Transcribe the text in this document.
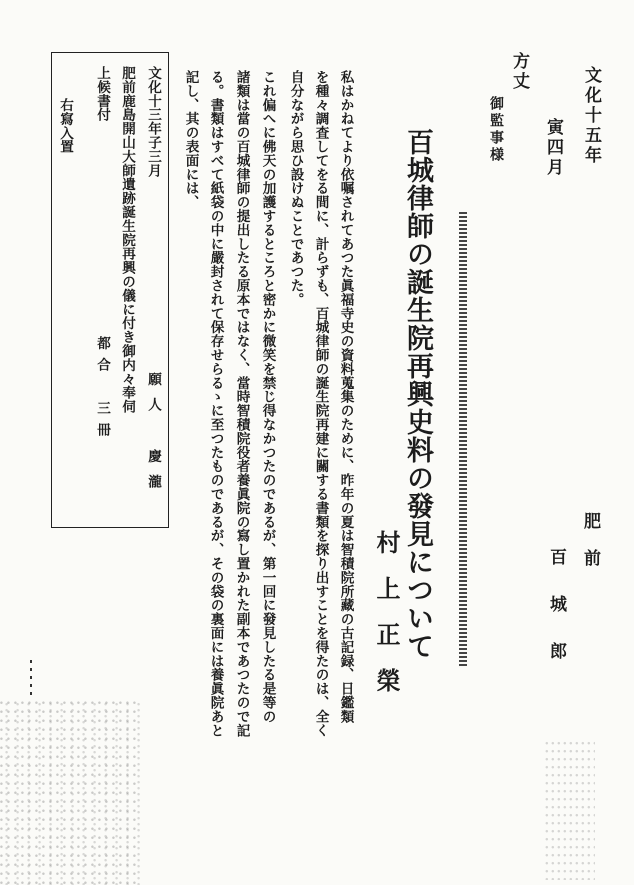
文化十五年
寅四月
方丈
御監事様
肥前
百城郎
百城律師の誕生院再興史料の發見について
村上正榮
私はかねてより依嘱されてあつた眞福寺史の資料蒐集のために、昨年の夏は智積院所藏の古記録、日鑑類
を種々調査してをる間に、計らずも、百城律師の誕生院再建に關する書類を探り出すことを得たのは、全く
自分ながら思ひ設けぬことであつた。
これ偏へに佛天の加護するところと密かに微笑を禁じ得なかつたのであるが、第一回に發見したる是等の
諸類は當の百城律師の提出したる原本ではなく、當時智積院役者養眞院の寫し置かれた副本であつたので記
る。書類はすべて紙袋の中に嚴封されて保存せらるゝに至つたものであるが、その袋の裏面には養眞院あと
記し、其の表面には、
文化十三年子三月
願人　慶瀧
肥前鹿島開山大師遺跡誕生院再興の儀に付き御内々奉伺
上候書付
都合　三冊
右寫入置
